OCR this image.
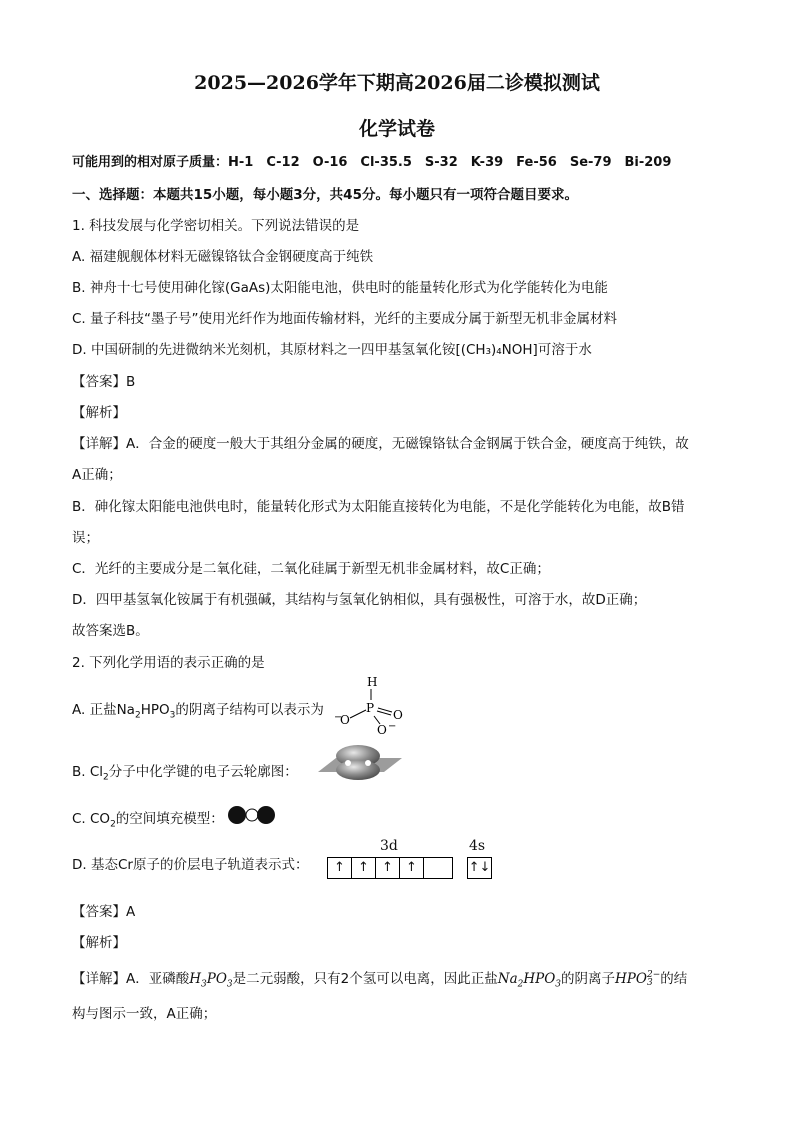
2025—2026学年下期高2026届二诊模拟测试
化学试卷
可能用到的相对原子质量：H-1　C-12　O-16　Cl-35.5　S-32　K-39　Fe-56　Se-79　Bi-209
一、选择题：本题共15小题，每小题3分，共45分。每小题只有一项符合题目要求。
1. 科技发展与化学密切相关。下列说法错误的是
A. 福建舰舰体材料无磁镍铬钛合金钢硬度高于纯铁
B. 神舟十七号使用砷化镓(GaAs)太阳能电池，供电时的能量转化形式为化学能转化为电能
C. 量子科技“墨子号”使用光纤作为地面传输材料，光纤的主要成分属于新型无机非金属材料
D. 中国研制的先进微纳米光刻机，其原材料之一四甲基氢氧化铵[(CH₃)₄NOH]可溶于水
【答案】B
【解析】
【详解】A．合金的硬度一般大于其组分金属的硬度，无磁镍铬钛合金钢属于铁合金，硬度高于纯铁，故
A正确；
B．砷化镓太阳能电池供电时，能量转化形式为太阳能直接转化为电能，不是化学能转化为电能，故B错
误；
C．光纤的主要成分是二氧化硅，二氧化硅属于新型无机非金属材料，故C正确；
D．四甲基氢氧化铵属于有机强碱，其结构与氢氧化钠相似，具有强极性，可溶于水，故D正确；
故答案选B。
2. 下列化学用语的表示正确的是
A. 正盐$Na_2HPO_3$的阴离子结构可以表示为
H
P
O
−	O
O −
B. $Cl_2$分子中化学键的电子云轮廓图：
C. $CO_2$的空间填充模型：
D. 基态Cr原子的价层电子轨道表示式：
3d	4s
↑	↑	↑	↑	↑↓
【答案】A
【解析】
【详解】A．亚磷酸$H_3PO_3$是二元弱酸，只有2个氢可以电离，因此正盐$Na_2HPO_3$的阴离子HPO 2−
3 的结
构与图示一致，A正确；
